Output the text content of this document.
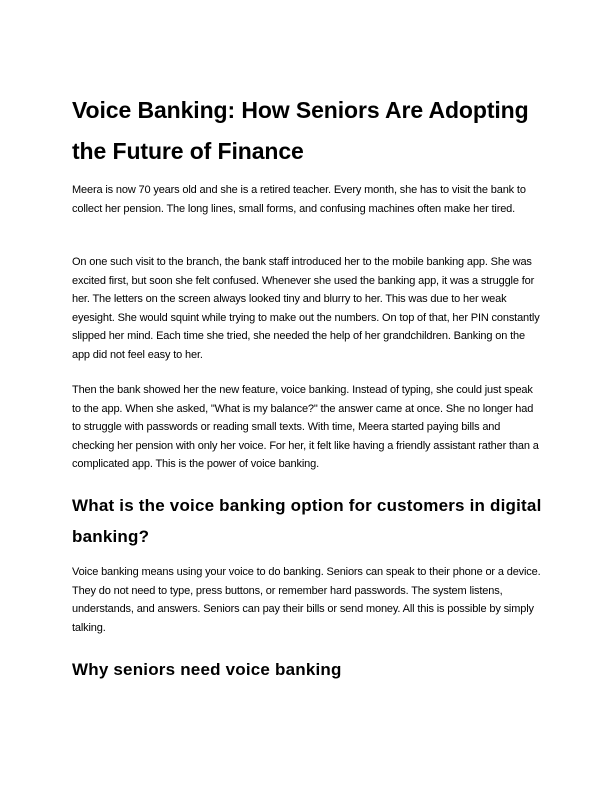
Voice Banking: How Seniors Are Adopting the Future of Finance

Meera is now 70 years old and she is a retired teacher. Every month, she has to visit the bank to collect her pension. The long lines, small forms, and confusing machines often make her tired.

On one such visit to the branch, the bank staff introduced her to the mobile banking app. She was excited first, but soon she felt confused. Whenever she used the banking app, it was a struggle for her. The letters on the screen always looked tiny and blurry to her. This was due to her weak eyesight. She would squint while trying to make out the numbers. On top of that, her PIN constantly slipped her mind. Each time she tried, she needed the help of her grandchildren. Banking on the app did not feel easy to her.

Then the bank showed her the new feature, voice banking. Instead of typing, she could just speak to the app. When she asked, "What is my balance?" the answer came at once. She no longer had to struggle with passwords or reading small texts. With time, Meera started paying bills and checking her pension with only her voice. For her, it felt like having a friendly assistant rather than a complicated app. This is the power of voice banking.

What is the voice banking option for customers in digital banking?

Voice banking means using your voice to do banking. Seniors can speak to their phone or a device. They do not need to type, press buttons, or remember hard passwords. The system listens, understands, and answers. Seniors can pay their bills or send money. All this is possible by simply talking.

Why seniors need voice banking
